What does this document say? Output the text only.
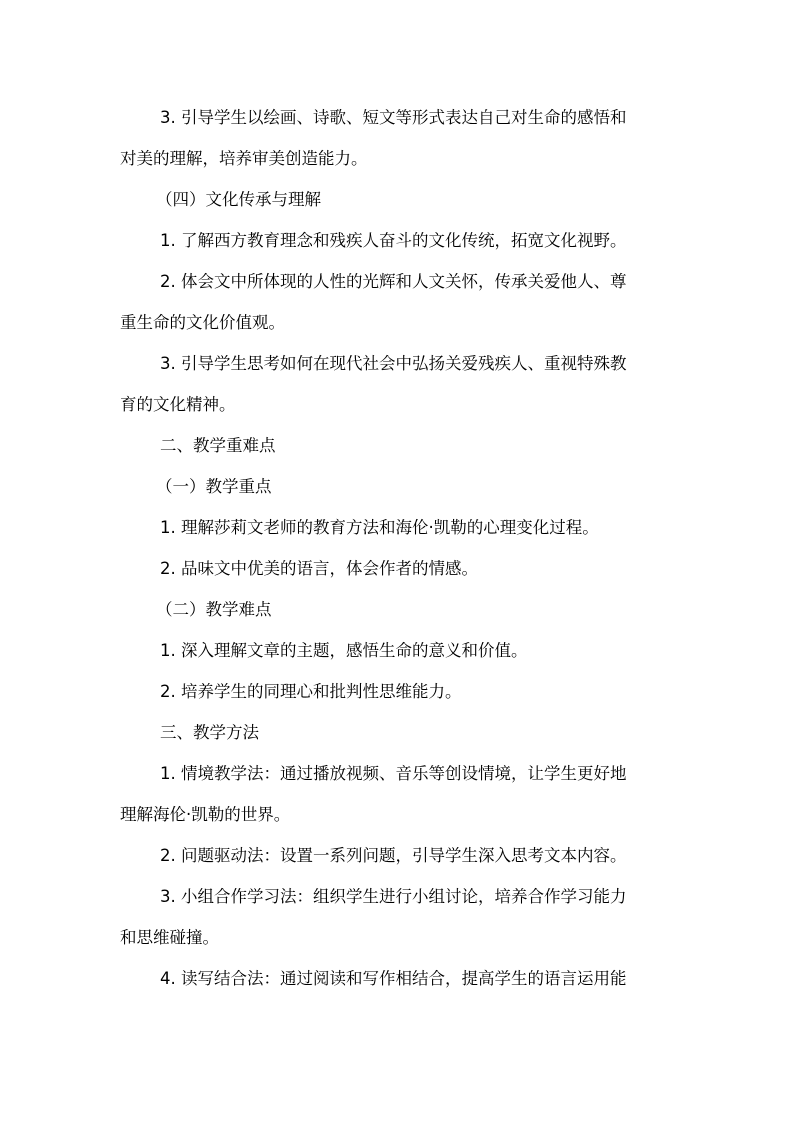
3. 引导学生以绘画、诗歌、短文等形式表达自己对生命的感悟和
对美的理解，培养审美创造能力。
（四）文化传承与理解
1. 了解西方教育理念和残疾人奋斗的文化传统，拓宽文化视野。
2. 体会文中所体现的人性的光辉和人文关怀，传承关爱他人、尊
重生命的文化价值观。
3. 引导学生思考如何在现代社会中弘扬关爱残疾人、重视特殊教
育的文化精神。
二、教学重难点
（一）教学重点
1. 理解莎莉文老师的教育方法和海伦·凯勒的心理变化过程。
2. 品味文中优美的语言，体会作者的情感。
（二）教学难点
1. 深入理解文章的主题，感悟生命的意义和价值。
2. 培养学生的同理心和批判性思维能力。
三、教学方法
1. 情境教学法：通过播放视频、音乐等创设情境，让学生更好地
理解海伦·凯勒的世界。
2. 问题驱动法：设置一系列问题，引导学生深入思考文本内容。
3. 小组合作学习法：组织学生进行小组讨论，培养合作学习能力
和思维碰撞。
4. 读写结合法：通过阅读和写作相结合，提高学生的语言运用能
